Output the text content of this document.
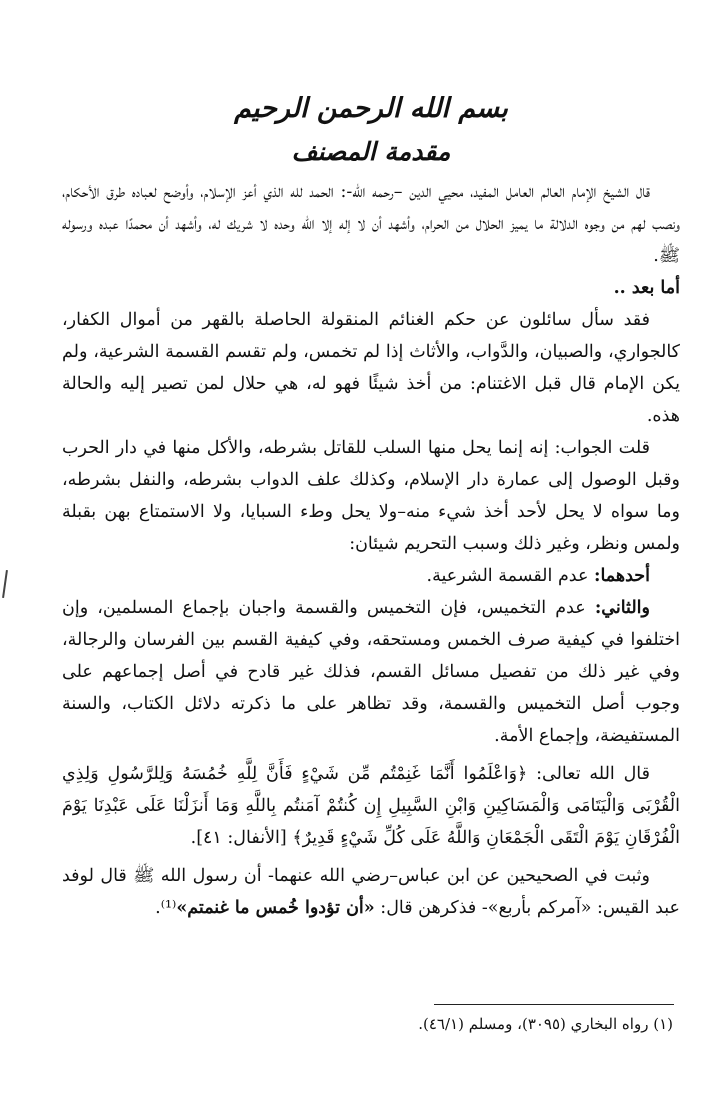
بسم الله الرحمن الرحيم
مقدمة المصنف

قال الشيخ الإمام العالم العامل المفيد، محيي الدين –رحمه الله-: الحمد لله الذي أعز الإسلام، وأوضح لعباده طرق الأحكام، ونصب لهم من وجوه الدلالة ما يميز الحلال من الحرام، وأشهد أن لا إله إلا الله وحده لا شريك له، وأشهد أن محمدًا عبده ورسوله ﷺ.

أما بعد ..

فقد سأل سائلون عن حكم الغنائم المنقولة الحاصلة بالقهر من أموال الكفار، كالجواري، والصبيان، والدَّواب، والأثاث إذا لم تخمس، ولم تقسم القسمة الشرعية، ولم يكن الإمام قال قبل الاغتنام: من أخذ شيئًا فهو له، هي حلال لمن تصير إليه والحالة هذه.

قلت الجواب: إنه إنما يحل منها السلب للقاتل بشرطه، والأكل منها في دار الحرب وقبل الوصول إلى عمارة دار الإسلام، وكذلك علف الدواب بشرطه، والنفل بشرطه، وما سواه لا يحل لأحد أخذ شيء منه–ولا يحل وطء السبايا، ولا الاستمتاع بهن بقبلة ولمس ونظر، وغير ذلك وسبب التحريم شيئان:

أحدهما: عدم القسمة الشرعية.

والثاني: عدم التخميس، فإن التخميس والقسمة واجبان بإجماع المسلمين، وإن اختلفوا في كيفية صرف الخمس ومستحقه، وفي كيفية القسم بين الفرسان والرجالة، وفي غير ذلك من تفصيل مسائل القسم، فذلك غير قادح في أصل إجماعهم على وجوب أصل التخميس والقسمة، وقد تظاهر على ما ذكرته دلائل الكتاب، والسنة المستفيضة، وإجماع الأمة.

قال الله تعالى: ﴿وَاعْلَمُوا أَنَّمَا غَنِمْتُم مِّن شَيْءٍ فَأَنَّ لِلَّهِ خُمُسَهُ وَلِلرَّسُولِ وَلِذِي الْقُرْبَى وَالْيَتَامَى وَالْمَسَاكِينِ وَابْنِ السَّبِيلِ إِن كُنتُمْ آمَنتُم بِاللَّهِ وَمَا أَنزَلْنَا عَلَى عَبْدِنَا يَوْمَ الْفُرْقَانِ يَوْمَ الْتَقَى الْجَمْعَانِ وَاللَّهُ عَلَى كُلِّ شَيْءٍ قَدِيرٌ﴾ [الأنفال: ٤١].

وثبت في الصحيحين عن ابن عباس–رضي الله عنهما- أن رسول الله ﷺ قال لوفد عبد القيس: «آمركم بأربع»- فذكرهن قال: «أن تؤدوا خُمس ما غنمتم»⁽¹⁾.

(١) رواه البخاري (٣٠٩٥)، ومسلم (٤٦/١).
